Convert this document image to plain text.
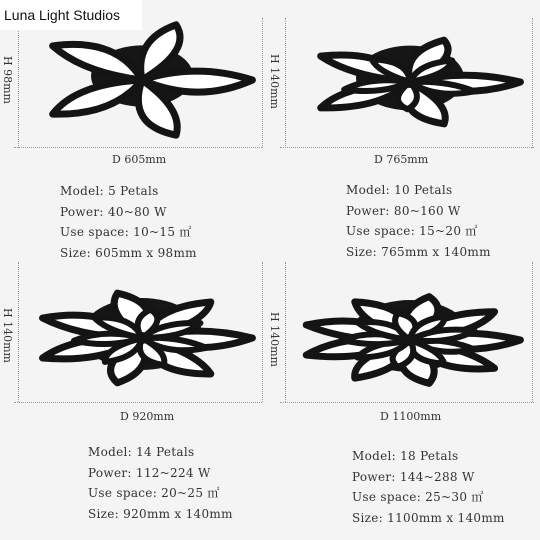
Luna Light Studios
H 98mm
D 605mm
Model: 5 Petals
Power: 40~80 W
Use space: 10~15 ㎡
Size: 605mm x 98mm
H 140mm
D 765mm
Model: 10 Petals
Power: 80~160 W
Use space: 15~20 ㎡
Size: 765mm x 140mm
H 140mm
D 920mm
Model: 14 Petals
Power: 112~224 W
Use space: 20~25 ㎡
Size: 920mm x 140mm
H 140mm
D 1100mm
Model: 18 Petals
Power: 144~288 W
Use space: 25~30 ㎡
Size: 1100mm x 140mm
